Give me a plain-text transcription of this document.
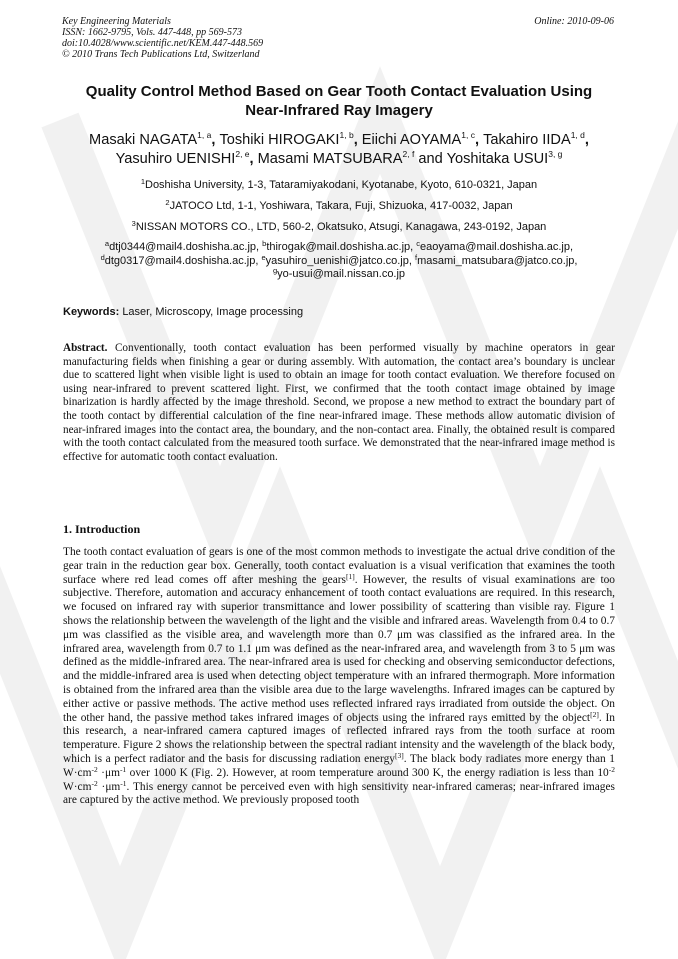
Key Engineering Materials
ISSN: 1662-9795, Vols. 447-448, pp 569-573
doi:10.4028/www.scientific.net/KEM.447-448.569
© 2010 Trans Tech Publications Ltd, Switzerland
Online: 2010-09-06
Quality Control Method Based on Gear Tooth Contact Evaluation Using
Near-Infrared Ray Imagery
Masaki NAGATA$^{1, a}$, Toshiki HIROGAKI$^{1, b}$, Eiichi AOYAMA$^{1, c}$, Takahiro IIDA$^{1, d}$,
Yasuhiro UENISHI$^{2, e}$, Masami MATSUBARA$^{2, f}$ and Yoshitaka USUI$^{3, g}$
$^1$Doshisha University, 1-3, Tataramiyakodani, Kyotanabe, Kyoto, 610-0321, Japan
$^2$JATOCO Ltd, 1-1, Yoshiwara, Takara, Fuji, Shizuoka, 417-0032, Japan
$^3$NISSAN MOTORS CO., LTD, 560-2, Okatsuko, Atsugi, Kanagawa, 243-0192, Japan
$^a$dtj0344@mail4.doshisha.ac.jp, $^b$thirogak@mail.doshisha.ac.jp, $^c$eaoyama@mail.doshisha.ac.jp,
$^d$dtg0317@mail4.doshisha.ac.jp, $^e$yasuhiro_uenishi@jatco.co.jp, $^f$masami_matsubara@jatco.co.jp,
$^g$yo-usui@mail.nissan.co.jp
Keywords: Laser, Microscopy, Image processing

Abstract. Conventionally, tooth contact evaluation has been performed visually by machine operators in gear manufacturing fields when finishing a gear or during assembly. With automation, the contact area’s boundary is unclear due to scattered light when visible light is used to obtain an image for tooth contact evaluation. We therefore focused on using near-infrared to prevent scattered light. First, we confirmed that the tooth contact image obtained by image binarization is hardly affected by the image threshold. Second, we propose a new method to extract the boundary part of the tooth contact by differential calculation of the fine near-infrared image. These methods allow automatic division of near-infrared images into the contact area, the boundary, and the non-contact area. Finally, the obtained result is compared with the tooth contact calculated from the measured tooth surface. We demonstrated that the near-infrared image method is effective for automatic tooth contact evaluation.

1. Introduction

The tooth contact evaluation of gears is one of the most common methods to investigate the actual drive condition of the gear train in the reduction gear box. Generally, tooth contact evaluation is a visual verification that examines the tooth surface where red lead comes off after meshing the gears[1]. However, the results of visual examinations are too subjective. Therefore, automation and accuracy enhancement of tooth contact evaluations are required. In this research, we focused on infrared ray with superior transmittance and lower possibility of scattering than visible ray. Figure 1 shows the relationship between the wavelength of the light and the visible and infrared areas. Wavelength from 0.4 to 0.7 μm was classified as the visible area, and wavelength more than 0.7 μm was classified as the infrared area. In the infrared area, wavelength from 0.7 to 1.1 μm was defined as the near-infrared area, and wavelength from 3 to 5 μm was defined as the middle-infrared area. The near-infrared area is used for checking and observing semiconductor defections, and the middle-infrared area is used when detecting object temperature with an infrared thermograph. More information is obtained from the infrared area than the visible area due to the large wavelengths. Infrared images can be captured by either active or passive methods. The active method uses reflected infrared rays irradiated from outside the object. On the other hand, the passive method takes infrared images of objects using the infrared rays emitted by the object[2]. In this research, a near-infrared camera captured images of reflected infrared rays from the tooth surface at room temperature. Figure 2 shows the relationship between the spectral radiant intensity and the wavelength of the black body, which is a perfect radiator and the basis for discussing radiation energy[3]. The black body radiates more energy than 1 $W\cdot cm^{-2} \cdot\mu m^{-1}$ over 1000 K (Fig. 2). However, at room temperature around 300 K, the energy radiation is less than $10^{-2}$ $W\cdot cm^{-2} \cdot\mu m^{-1}$. This energy cannot be perceived even with high sensitivity near-infrared cameras; near-infrared images are captured by the active method. We previously proposed tooth
